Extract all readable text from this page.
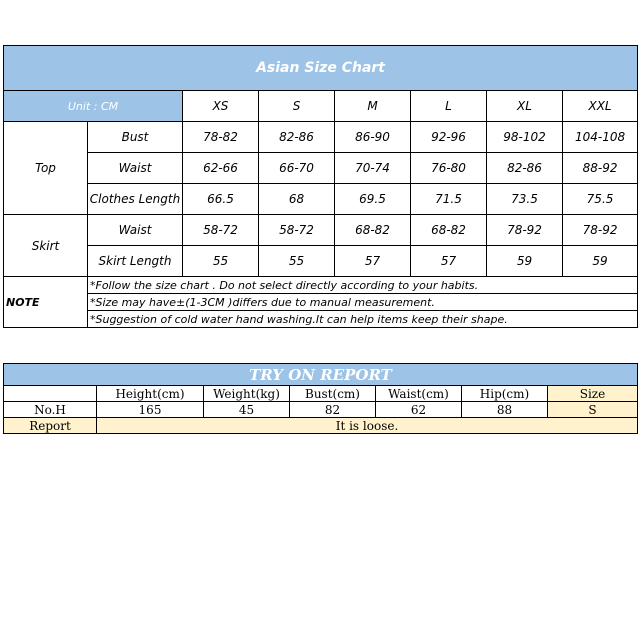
Asian Size Chart							
Unit : CM		XS	S	M	L	XL	XXL
Top	Bust	78-82	82-86	86-90	92-96	98-102	104-108
	Waist	62-66	66-70	70-74	76-80	82-86	88-92
	Clothes Length	66.5	68	69.5	71.5	73.5	75.5
Skirt	Waist	58-72	58-72	68-82	68-82	78-92	78-92
	Skirt Length	55	55	57	57	59	59
NOTE	*Follow the size chart . Do not select directly according to your habits.						
	*Size may have±(1-3CM )differs due to manual measurement.						
	*Suggestion of cold water hand washing.It can help items keep their shape.						
TRY ON REPORT						
	Height(cm)	Weight(kg)	Bust(cm)	Waist(cm)	Hip(cm)	Size
No.H	165	45	82	62	88	S
Report	It is loose.					
